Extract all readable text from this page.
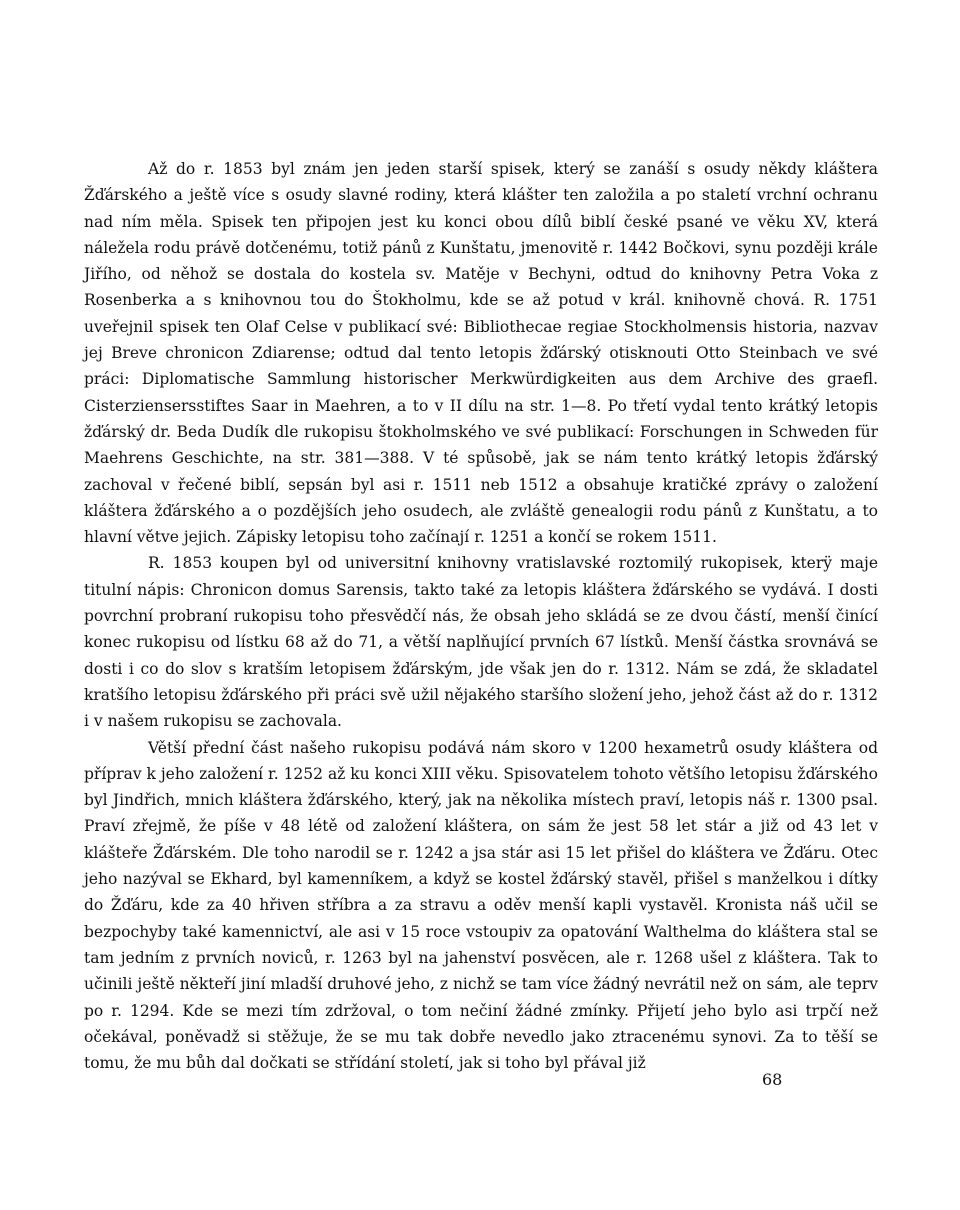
Až do r. 1853 byl znám jen jeden starší spisek, který se zanáší s osudy někdy kláštera Žďárského a ještě více s osudy slavné rodiny, která klášter ten založila a po staletí vrchní ochranu nad ním měla. Spisek ten připojen jest ku konci obou dílů biblí české psané ve věku XV, která náležela rodu právě dotčenému, totiž pánů z Kunštatu, jmenovitě r. 1442 Bočkovi, synu později krále Jiřího, od něhož se dostala do kostela sv. Matěje v Bechyni, odtud do knihovny Petra Voka z Rosenberka a s knihovnou tou do Štokholmu, kde se až potud v král. knihovně chová. R. 1751 uveřejnil spisek ten Olaf Celse v publikací své: Bibliothecae regiae Stockholmensis historia, nazvav jej Breve chronicon Zdiarense; odtud dal tento letopis žďárský otisknouti Otto Steinbach ve své práci: Diplomatische Sammlung historischer Merkwürdigkeiten aus dem Archive des graefl. Cisterziensersstiftes Saar in Maehren, a to v II dílu na str. 1—8. Po třetí vydal tento krátký letopis žďárský dr. Beda Dudík dle rukopisu štokholmského ve své publikací: Forschungen in Schweden für Maehrens Geschichte, na str. 381—388. V té spůsobě, jak se nám tento krátký letopis žďárský zachoval v řečené biblí, sepsán byl asi r. 1511 neb 1512 a obsahuje kratičké zprávy o založení kláštera žďárského a o pozdějších jeho osudech, ale zvláště genealogii rodu pánů z Kunštatu, a to hlavní větve jejich. Zápisky letopisu toho začínají r. 1251 a končí se rokem 1511.

R. 1853 koupen byl od universitní knihovny vratislavské roztomilý rukopisek, kterÿ maje titulní nápis: Chronicon domus Sarensis, takto také za letopis kláštera žďárského se vydává. I dosti povrchní probraní rukopisu toho přesvědčí nás, že obsah jeho skládá se ze dvou částí, menší činící konec rukopisu od lístku 68 až do 71, a větší naplňující prvních 67 lístků. Menší částka srovnává se dosti i co do slov s kratším letopisem žďárským, jde však jen do r. 1312. Nám se zdá, že skladatel kratšího letopisu žďárského při práci svě užil nějakého staršího složení jeho, jehož část až do r. 1312 i v našem rukopisu se zachovala.

Větší přední část našeho rukopisu podává nám skoro v 1200 hexametrů osudy kláštera od příprav k jeho založení r. 1252 až ku konci XIII věku. Spisovatelem tohoto většího letopisu žďárského byl Jindřich, mnich kláštera žďárského, který, jak na několika místech praví, letopis náš r. 1300 psal. Praví zřejmě, že píše v 48 létě od založení kláštera, on sám že jest 58 let stár a již od 43 let v klášteře Žďárském. Dle toho narodil se r. 1242 a jsa stár asi 15 let přišel do kláštera ve Žďáru. Otec jeho nazýval se Ekhard, byl kamenníkem, a když se kostel žďárský stavěl, přišel s manželkou i dítky do Žďáru, kde za 40 hřiven stříbra a za stravu a oděv menší kapli vystavěl. Kronista náš učil se bezpochyby také kamennictví, ale asi v 15 roce vstoupiv za opatování Walthelma do kláštera stal se tam jedním z prvních noviců, r. 1263 byl na jahenství posvěcen, ale r. 1268 ušel z kláštera. Tak to učinili ještě někteří jiní mladší druhové jeho, z nichž se tam více žádný nevrátil než on sám, ale teprv po r. 1294. Kde se mezi tím zdržoval, o tom nečiní žádné zmínky. Přijetí jeho bylo asi trpčí než očekával, poněvadž si stěžuje, že se mu tak dobře nevedlo jako ztracenému synovi. Za to těší se tomu, že mu bůh dal dočkati se střídání století, jak si toho byl přával již

68
